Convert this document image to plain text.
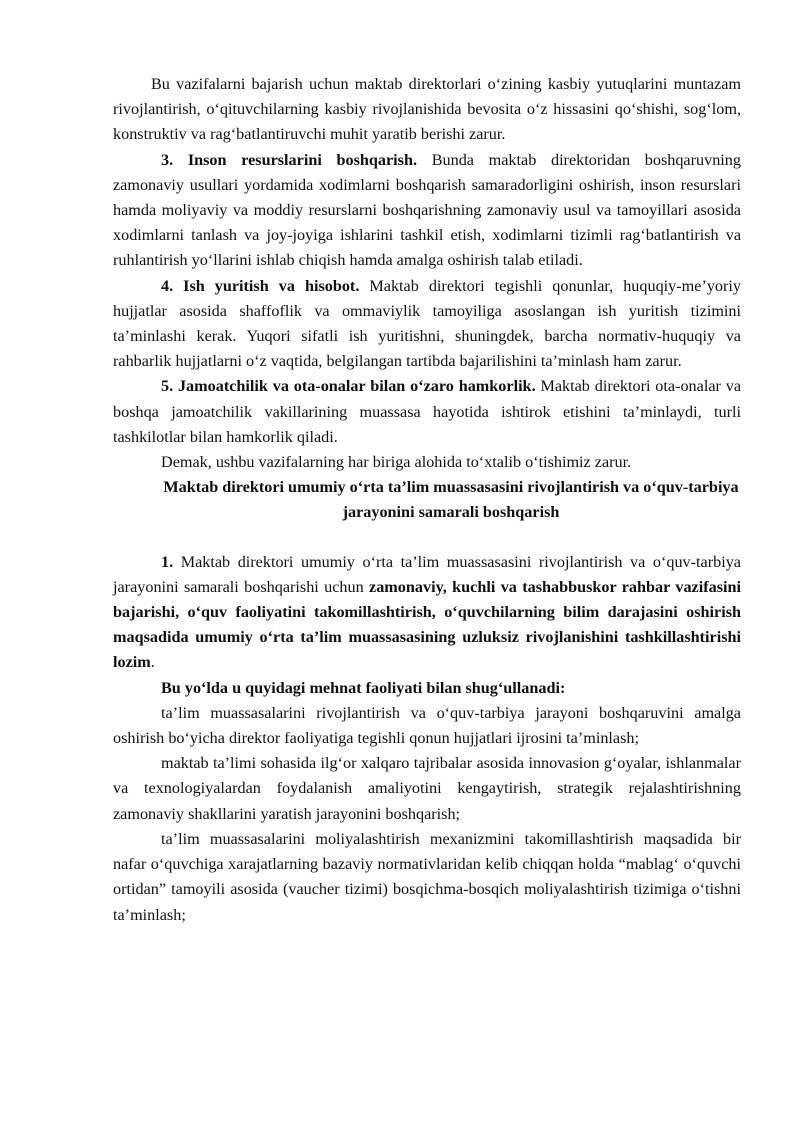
Bu vazifalarni bajarish uchun maktab direktorlari o‘zining kasbiy yutuqlarini muntazam rivojlantirish, o‘qituvchilarning kasbiy rivojlanishida bevosita o‘z hissasini qo‘shishi, sog‘lom, konstruktiv va rag‘batlantiruvchi muhit yaratib berishi zarur.

3. Inson resurslarini boshqarish. Bunda maktab direktoridan boshqaruvning zamonaviy usullari yordamida xodimlarni boshqarish samaradorligini oshirish, inson resurslari hamda moliyaviy va moddiy resurslarni boshqarishning zamonaviy usul va tamoyillari asosida xodimlarni tanlash va joy-joyiga ishlarini tashkil etish, xodimlarni tizimli rag‘batlantirish va ruhlantirish yo‘llarini ishlab chiqish hamda amalga oshirish talab etiladi.

4. Ish yuritish va hisobot. Maktab direktori tegishli qonunlar, huquqiy-me’yoriy hujjatlar asosida shaffoflik va ommaviylik tamoyiliga asoslangan ish yuritish tizimini ta’minlashi kerak. Yuqori sifatli ish yuritishni, shuningdek, barcha normativ-huquqiy va rahbarlik hujjatlarni o‘z vaqtida, belgilangan tartibda bajarilishini ta’minlash ham zarur.

5. Jamoatchilik va ota-onalar bilan o‘zaro hamkorlik. Maktab direktori ota-onalar va boshqa jamoatchilik vakillarining muassasa hayotida ishtirok etishini ta’minlaydi, turli tashkilotlar bilan hamkorlik qiladi.

Demak, ushbu vazifalarning har biriga alohida to‘xtalib o‘tishimiz zarur.

Maktab direktori umumiy o‘rta ta’lim muassasasini rivojlantirish va o‘quv-tarbiya jarayonini samarali boshqarish

1. Maktab direktori umumiy o‘rta ta’lim muassasasini rivojlantirish va o‘quv-tarbiya jarayonini samarali boshqarishi uchun zamonaviy, kuchli va tashabbuskor rahbar vazifasini bajarishi, o‘quv faoliyatini takomillashtirish, o‘quvchilarning bilim darajasini oshirish maqsadida umumiy o‘rta ta’lim muassasasining uzluksiz rivojlanishini tashkillashtirishi lozim.

Bu yo‘lda u quyidagi mehnat faoliyati bilan shug‘ullanadi:

ta’lim muassasalarini rivojlantirish va o‘quv-tarbiya jarayoni boshqaruvini amalga oshirish bo‘yicha direktor faoliyatiga tegishli qonun hujjatlari ijrosini ta’minlash;

maktab ta’limi sohasida ilg‘or xalqaro tajribalar asosida innovasion g‘oyalar, ishlanmalar va texnologiyalardan foydalanish amaliyotini kengaytirish, strategik rejalashtirishning zamonaviy shakllarini yaratish jarayonini boshqarish;

ta’lim muassasalarini moliyalashtirish mexanizmini takomillashtirish maqsadida bir nafar o‘quvchiga xarajatlarning bazaviy normativlaridan kelib chiqqan holda “mablag‘ o‘quvchi ortidan” tamoyili asosida (vaucher tizimi) bosqichma-bosqich moliyalashtirish tizimiga o‘tishni ta’minlash;
